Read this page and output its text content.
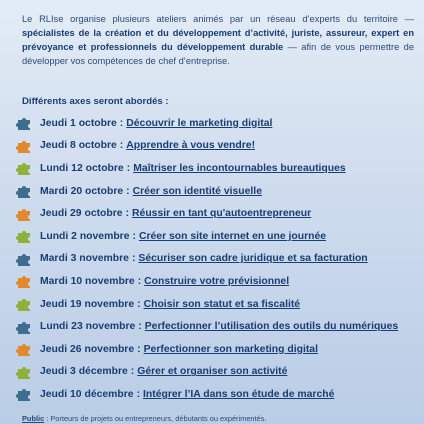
Le RLIse organise plusieurs ateliers animés par un réseau d’experts du territoire — spécialistes de la création et du développement d’activité, juriste, assureur, expert en prévoyance et professionnels du développement durable — afin de vous permettre de développer vos compétences de chef d’entreprise.
Différents axes seront abordés :
Jeudi 1 octobre : Découvrir le marketing digital
Jeudi 8 octobre : Apprendre à vous vendre!
Lundi 12 octobre : Maîtriser les incontournables bureautiques
Mardi 20 octobre : Créer son identité visuelle
Jeudi 29 octobre : Réussir en tant qu'autoentrepreneur
Lundi 2 novembre : Créer son site internet en une journée
Mardi 3 novembre : Sécuriser son cadre juridique et sa facturation
Mardi 10 novembre : Construire votre prévisionnel
Jeudi 19 novembre : Choisir son statut et sa fiscalité
Lundi 23 novembre : Perfectionner l’utilisation des outils du numériques
Jeudi 26 novembre : Perfectionner son marketing digital
Jeudi 3 décembre : Gérer et organiser son activité
Jeudi 10 décembre : Intégrer l’IA dans son étude de marché
Public : Porteurs de projets ou entrepreneurs, débutants ou expérimentés.
